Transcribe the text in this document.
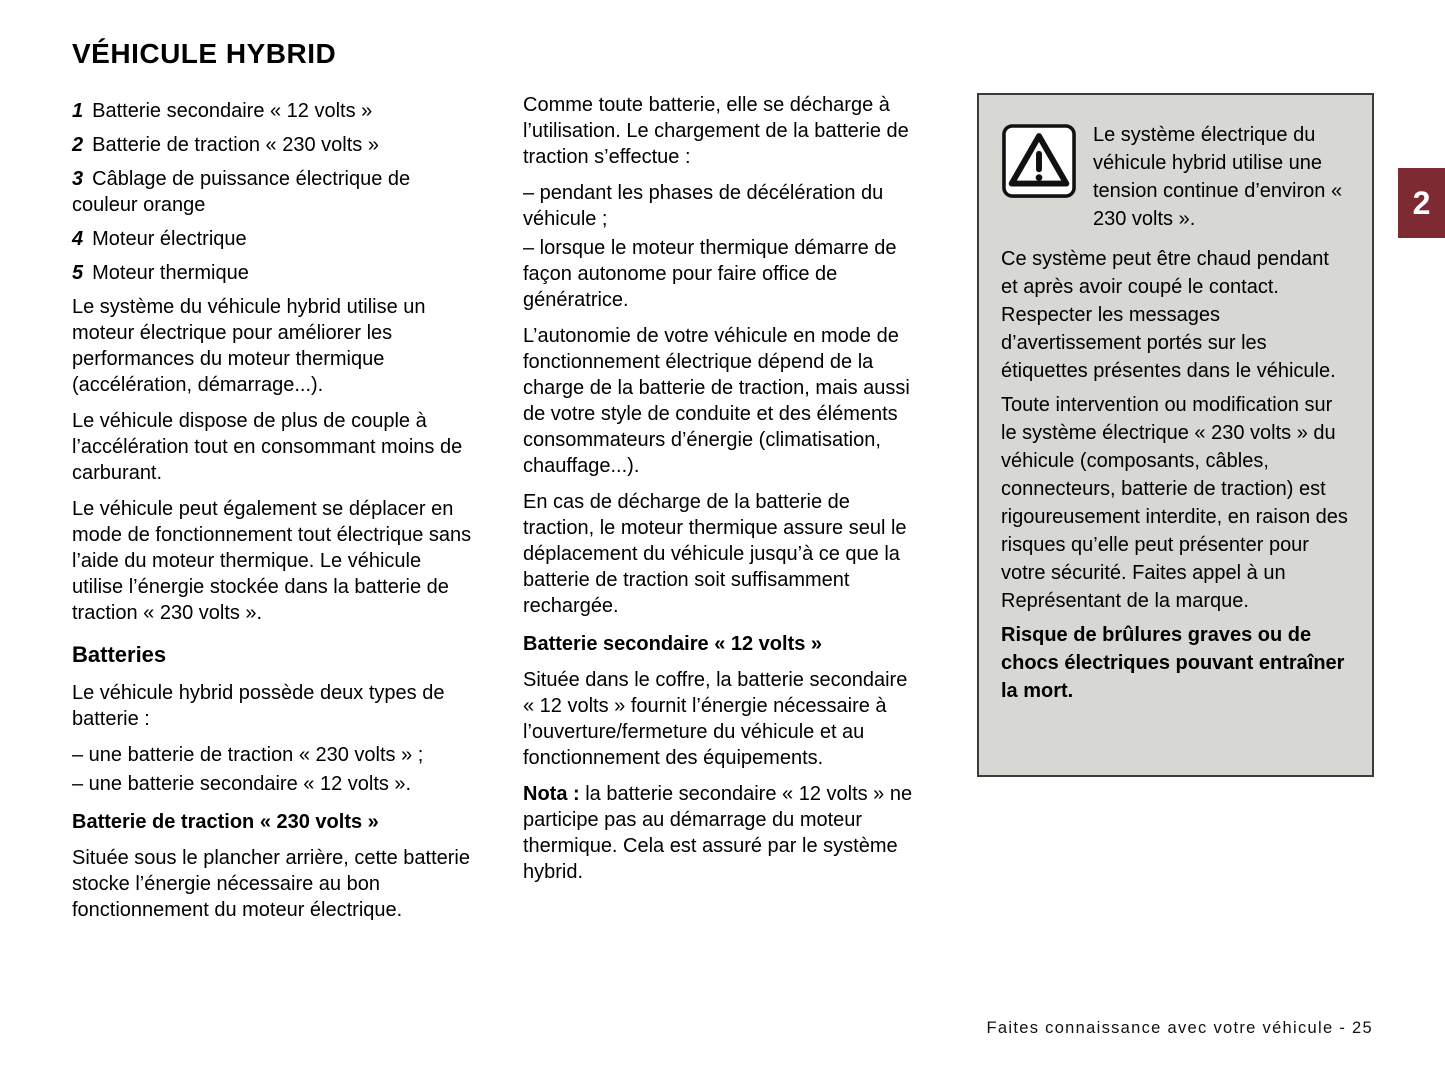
VÉHICULE HYBRID
2
1 Batterie secondaire « 12 volts »
2 Batterie de traction « 230 volts »
3 Câblage de puissance électrique de couleur orange
4 Moteur électrique
5 Moteur thermique

Le système du véhicule hybrid utilise un moteur électrique pour améliorer les performances du moteur thermique (accélération, démarrage...).

Le véhicule dispose de plus de couple à l’accélération tout en consommant moins de carburant.

Le véhicule peut également se déplacer en mode de fonctionnement tout électrique sans l’aide du moteur thermique. Le véhicule utilise l’énergie stockée dans la batterie de traction « 230 volts ».

Batteries

Le véhicule hybrid possède deux types de batterie :

– une batterie de traction « 230 volts » ;

– une batterie secondaire « 12 volts ».

Batterie de traction « 230 volts »

Située sous le plancher arrière, cette batterie stocke l’énergie nécessaire au bon fonctionnement du moteur électrique.

Comme toute batterie, elle se décharge à l’utilisation. Le chargement de la batterie de traction s’effectue :

– pendant les phases de décélération du véhicule ;

– lorsque le moteur thermique démarre de façon autonome pour faire office de génératrice.

L’autonomie de votre véhicule en mode de fonctionnement électrique dépend de la charge de la batterie de traction, mais aussi de votre style de conduite et des éléments consommateurs d’énergie (climatisation, chauffage...).

En cas de décharge de la batterie de traction, le moteur thermique assure seul le déplacement du véhicule jusqu’à ce que la batterie de traction soit suffisamment rechargée.

Batterie secondaire « 12 volts »

Située dans le coffre, la batterie secondaire « 12 volts » fournit l’énergie nécessaire à l’ouverture/fermeture du véhicule et au fonctionnement des équipements.

Nota : la batterie secondaire « 12 volts » ne participe pas au démarrage du moteur thermique. Cela est assuré par le système hybrid.

Le système électrique du véhicule hybrid utilise une tension continue d’environ « 230 volts ».

Ce système peut être chaud pendant et après avoir coupé le contact. Respecter les messages d’avertissement portés sur les étiquettes présentes dans le véhicule.

Toute intervention ou modification sur le système électrique « 230 volts » du véhicule (composants, câbles, connecteurs, batterie de traction) est rigoureusement interdite, en raison des risques qu’elle peut présenter pour votre sécurité. Faites appel à un Représentant de la marque.

Risque de brûlures graves ou de chocs électriques pouvant entraîner la mort.

Faites connaissance avec votre véhicule - 25
